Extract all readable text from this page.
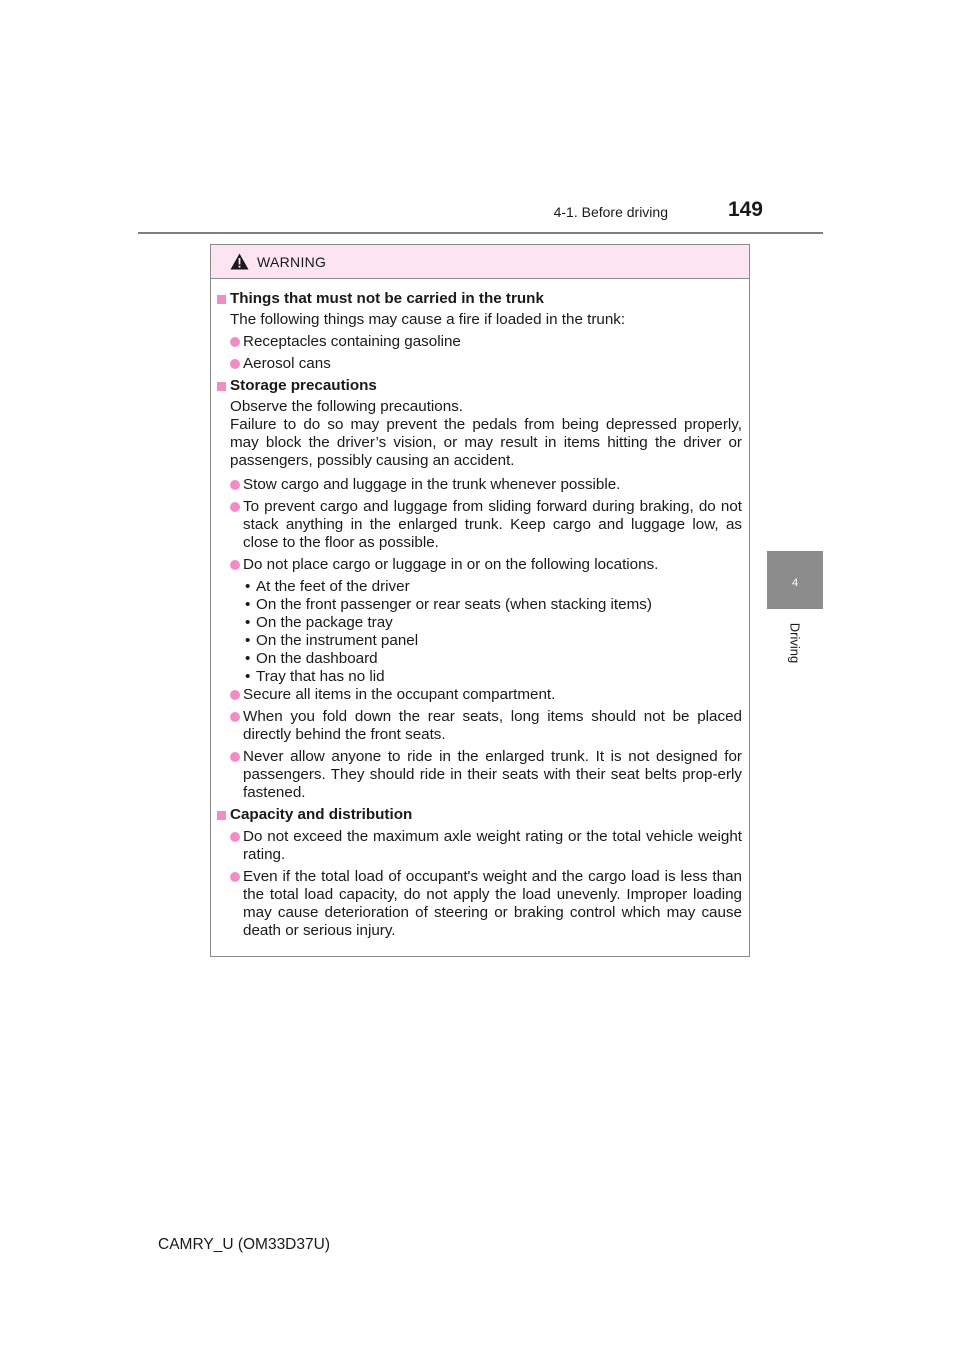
4-1. Before driving	149
4
Driving
WARNING
Things that must not be carried in the trunk
The following things may cause a fire if loaded in the trunk:
Receptacles containing gasoline
Aerosol cans
Storage precautions
Observe the following precautions.
Failure to do so may prevent the pedals from being depressed properly, may block the driver’s vision, or may result in items hitting the driver or passengers, possibly causing an accident.
Stow cargo and luggage in the trunk whenever possible.
To prevent cargo and luggage from sliding forward during braking, do not stack anything in the enlarged trunk. Keep cargo and luggage low, as close to the floor as possible.
Do not place cargo or luggage in or on the following locations.
• At the feet of the driver
• On the front passenger or rear seats (when stacking items)
• On the package tray
• On the instrument panel
• On the dashboard
• Tray that has no lid
Secure all items in the occupant compartment.
When you fold down the rear seats, long items should not be placed directly behind the front seats.
Never allow anyone to ride in the enlarged trunk. It is not designed for passengers. They should ride in their seats with their seat belts prop-erly fastened.
Capacity and distribution
Do not exceed the maximum axle weight rating or the total vehicle weight rating.
Even if the total load of occupant's weight and the cargo load is less than the total load capacity, do not apply the load unevenly. Improper loading may cause deterioration of steering or braking control which may cause death or serious injury.
CAMRY_U (OM33D37U)
